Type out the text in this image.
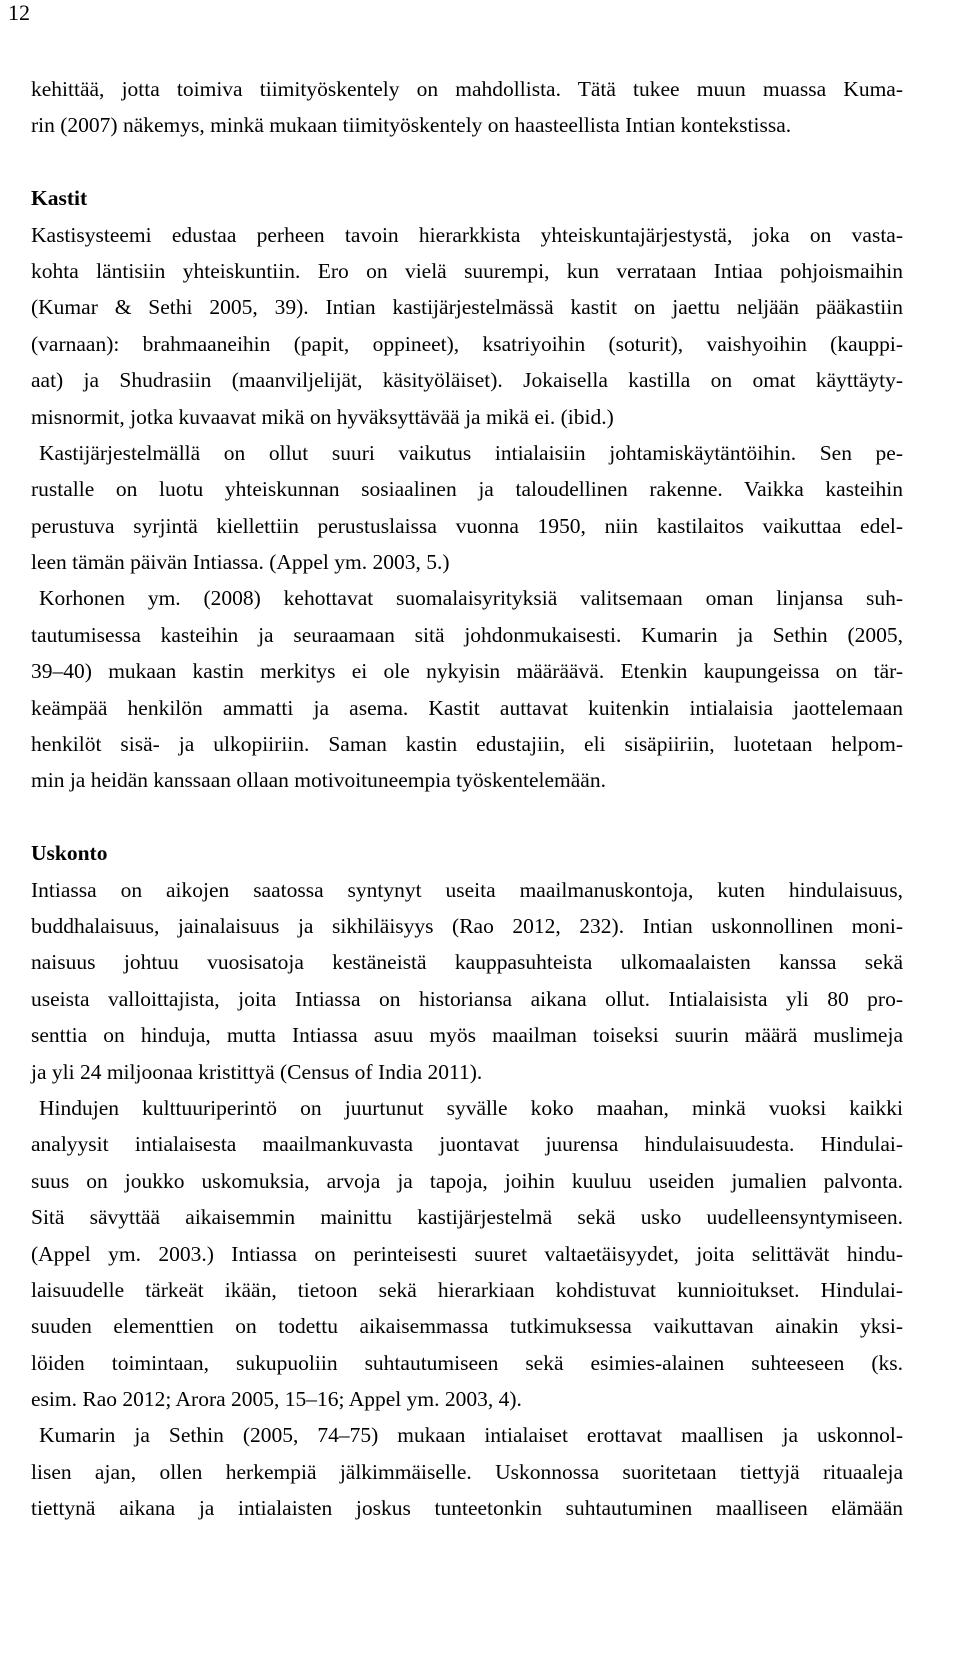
12
kehittää, jotta toimiva tiimityöskentely on mahdollista. Tätä tukee muun muassa Kuma-
rin (2007) näkemys, minkä mukaan tiimityöskentely on haasteellista Intian kontekstissa.
Kastit
Kastisysteemi edustaa perheen tavoin hierarkkista yhteiskuntajärjestystä, joka on vasta-
kohta läntisiin yhteiskuntiin. Ero on vielä suurempi, kun verrataan Intiaa pohjoismaihin
(Kumar & Sethi 2005, 39). Intian kastijärjestelmässä kastit on jaettu neljään pääkastiin
(varnaan): brahmaaneihin (papit, oppineet), ksatriyoihin (soturit), vaishyoihin (kauppi-
aat) ja Shudrasiin (maanviljelijät, käsityöläiset). Jokaisella kastilla on omat käyttäyty-
misnormit, jotka kuvaavat mikä on hyväksyttävää ja mikä ei. (ibid.)
Kastijärjestelmällä on ollut suuri vaikutus intialaisiin johtamiskäytäntöihin. Sen pe-
rustalle on luotu yhteiskunnan sosiaalinen ja taloudellinen rakenne. Vaikka kasteihin
perustuva syrjintä kiellettiin perustuslaissa vuonna 1950, niin kastilaitos vaikuttaa edel-
leen tämän päivän Intiassa. (Appel ym. 2003, 5.)
Korhonen ym. (2008) kehottavat suomalaisyrityksiä valitsemaan oman linjansa suh-
tautumisessa kasteihin ja seuraamaan sitä johdonmukaisesti. Kumarin ja Sethin (2005,
39–40) mukaan kastin merkitys ei ole nykyisin määräävä. Etenkin kaupungeissa on tär-
keämpää henkilön ammatti ja asema. Kastit auttavat kuitenkin intialaisia jaottelemaan
henkilöt sisä- ja ulkopiiriin. Saman kastin edustajiin, eli sisäpiiriin, luotetaan helpom-
min ja heidän kanssaan ollaan motivoituneempia työskentelemään.
Uskonto
Intiassa on aikojen saatossa syntynyt useita maailmanuskontoja, kuten hindulaisuus,
buddhalaisuus, jainalaisuus ja sikhiläisyys (Rao 2012, 232). Intian uskonnollinen moni-
naisuus johtuu vuosisatoja kestäneistä kauppasuhteista ulkomaalaisten kanssa sekä
useista valloittajista, joita Intiassa on historiansa aikana ollut. Intialaisista yli 80 pro-
senttia on hinduja, mutta Intiassa asuu myös maailman toiseksi suurin määrä muslimeja
ja yli 24 miljoonaa kristittyä (Census of India 2011).
Hindujen kulttuuriperintö on juurtunut syvälle koko maahan, minkä vuoksi kaikki
analyysit intialaisesta maailmankuvasta juontavat juurensa hindulaisuudesta. Hindulai-
suus on joukko uskomuksia, arvoja ja tapoja, joihin kuuluu useiden jumalien palvonta.
Sitä sävyttää aikaisemmin mainittu kastijärjestelmä sekä usko uudelleensyntymiseen.
(Appel ym. 2003.) Intiassa on perinteisesti suuret valtaetäisyydet, joita selittävät hindu-
laisuudelle tärkeät ikään, tietoon sekä hierarkiaan kohdistuvat kunnioitukset. Hindulai-
suuden elementtien on todettu aikaisemmassa tutkimuksessa vaikuttavan ainakin yksi-
löiden toimintaan, sukupuoliin suhtautumiseen sekä esimies-alainen suhteeseen (ks.
esim. Rao 2012; Arora 2005, 15–16; Appel ym. 2003, 4).
Kumarin ja Sethin (2005, 74–75) mukaan intialaiset erottavat maallisen ja uskonnol-
lisen ajan, ollen herkempiä jälkimmäiselle. Uskonnossa suoritetaan tiettyjä rituaaleja
tiettynä aikana ja intialaisten joskus tunteetonkin suhtautuminen maalliseen elämään
